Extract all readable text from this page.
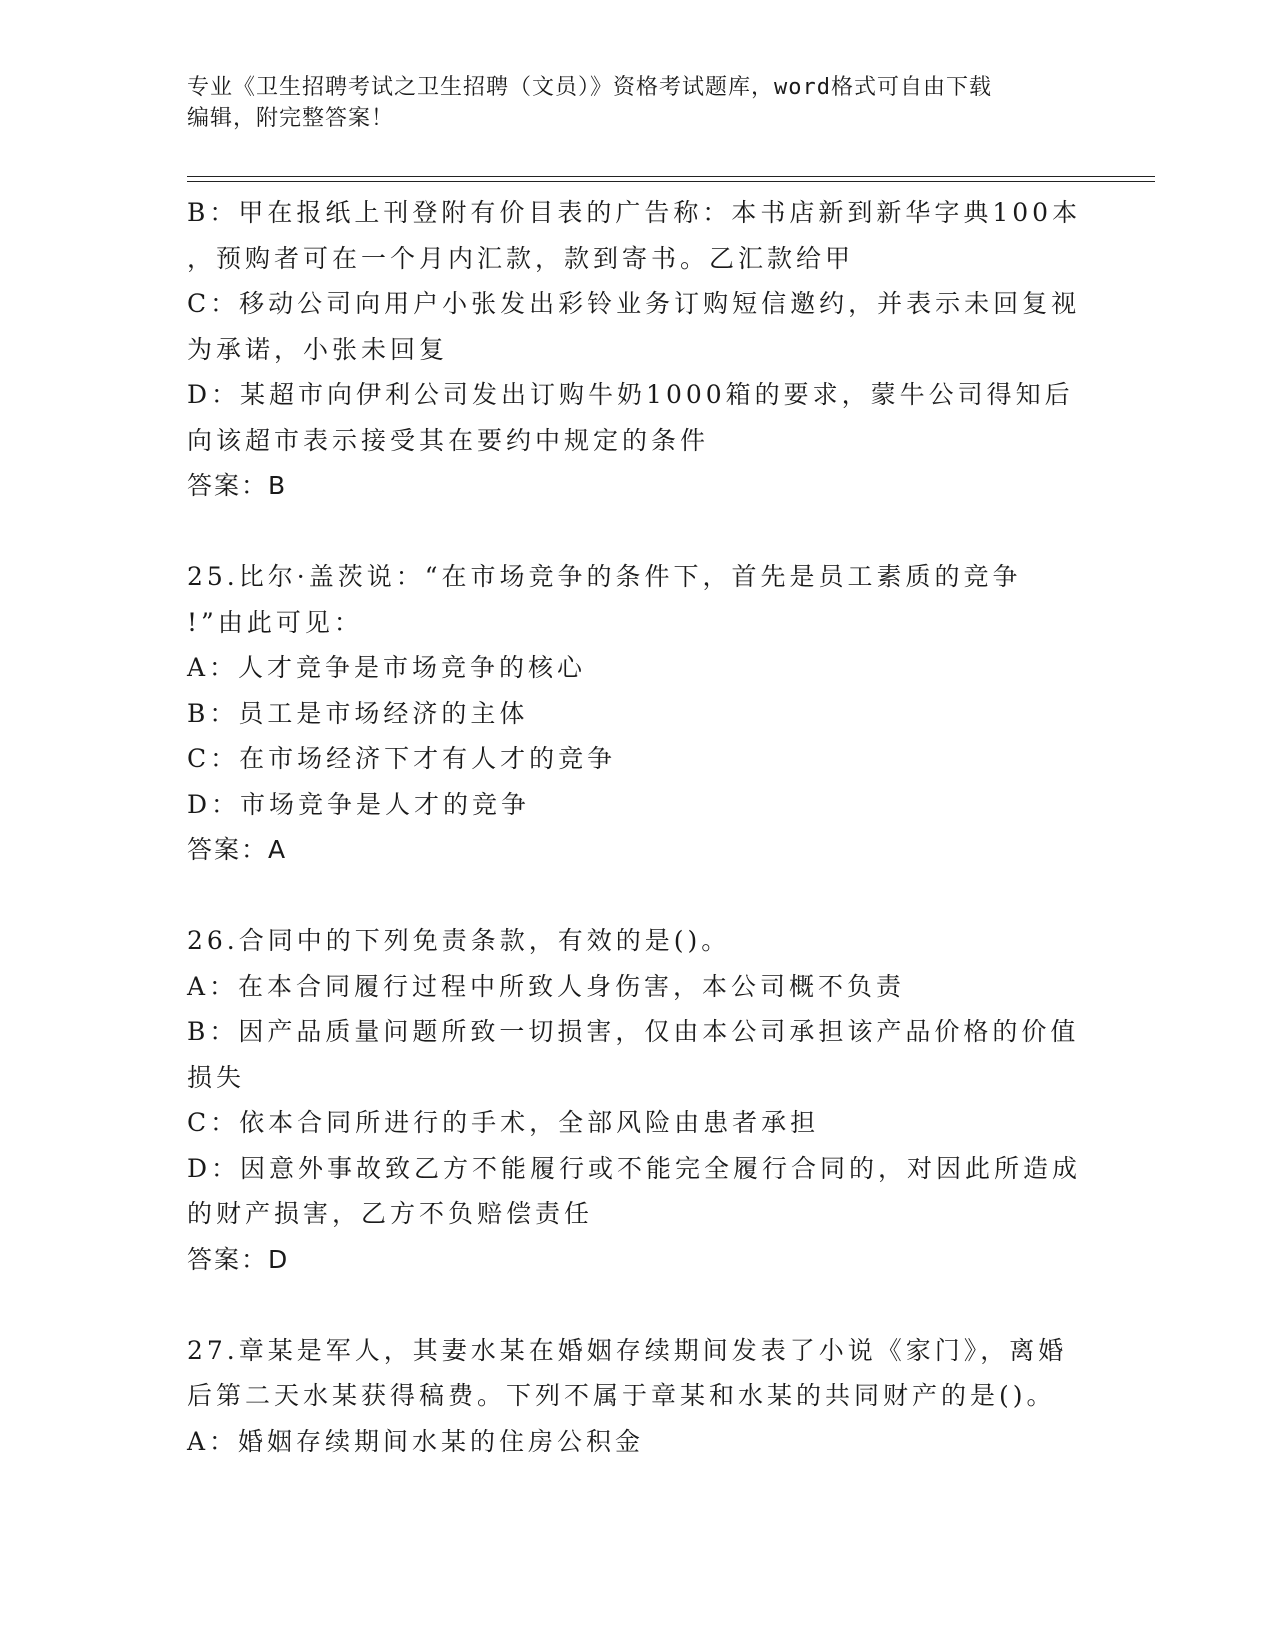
专业《卫生招聘考试之卫生招聘（文员）》资格考试题库，word格式可自由下载
编辑，附完整答案！
B：甲在报纸上刊登附有价目表的广告称：本书店新到新华字典100本
，预购者可在一个月内汇款，款到寄书。乙汇款给甲
C：移动公司向用户小张发出彩铃业务订购短信邀约，并表示未回复视
为承诺，小张未回复
D：某超市向伊利公司发出订购牛奶1000箱的要求，蒙牛公司得知后
向该超市表示接受其在要约中规定的条件
答案：B
25.比尔·盖茨说：“在市场竞争的条件下，首先是员工素质的竞争
!”由此可见：
A：人才竞争是市场竞争的核心
B：员工是市场经济的主体
C：在市场经济下才有人才的竞争
D：市场竞争是人才的竞争
答案：A
26.合同中的下列免责条款，有效的是()。
A：在本合同履行过程中所致人身伤害，本公司概不负责
B：因产品质量问题所致一切损害，仅由本公司承担该产品价格的价值
损失
C：依本合同所进行的手术，全部风险由患者承担
D：因意外事故致乙方不能履行或不能完全履行合同的，对因此所造成
的财产损害，乙方不负赔偿责任
答案：D
27.章某是军人，其妻水某在婚姻存续期间发表了小说《家门》，离婚
后第二天水某获得稿费。下列不属于章某和水某的共同财产的是()。
A：婚姻存续期间水某的住房公积金
